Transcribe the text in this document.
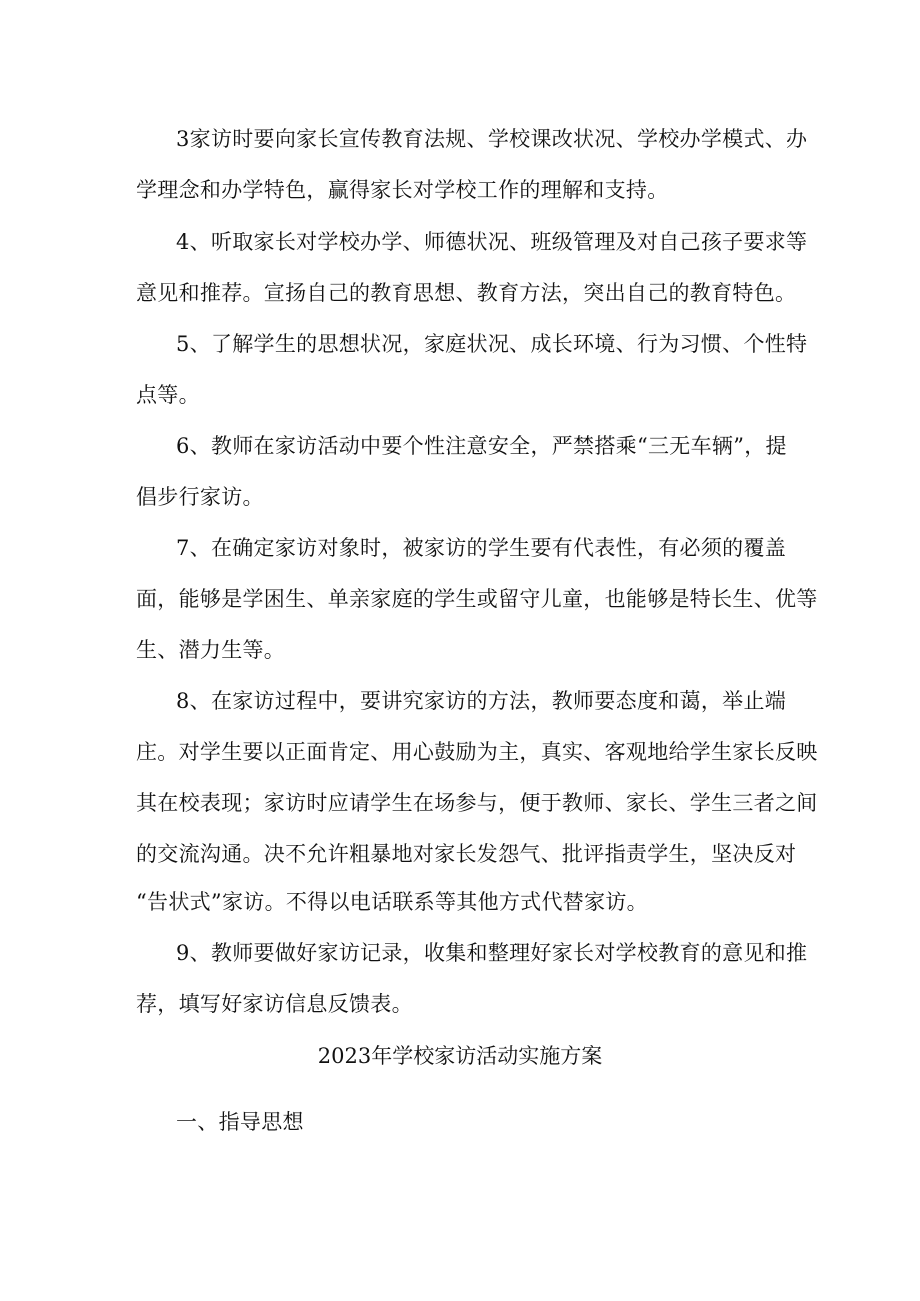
3家访时要向家长宣传教育法规、学校课改状况、学校办学模式、办
学理念和办学特色，赢得家长对学校工作的理解和支持。
4、听取家长对学校办学、师德状况、班级管理及对自己孩子要求等
意见和推荐。宣扬自己的教育思想、教育方法，突出自己的教育特色。
5、了解学生的思想状况，家庭状况、成长环境、行为习惯、个性特
点等。
6、教师在家访活动中要个性注意安全，严禁搭乘“三无车辆”，提
倡步行家访。
7、在确定家访对象时，被家访的学生要有代表性，有必须的覆盖
面，能够是学困生、单亲家庭的学生或留守儿童，也能够是特长生、优等
生、潜力生等。
8、在家访过程中，要讲究家访的方法，教师要态度和蔼，举止端
庄。对学生要以正面肯定、用心鼓励为主，真实、客观地给学生家长反映
其在校表现；家访时应请学生在场参与，便于教师、家长、学生三者之间
的交流沟通。决不允许粗暴地对家长发怨气、批评指责学生，坚决反对
“告状式”家访。不得以电话联系等其他方式代替家访。
9、教师要做好家访记录，收集和整理好家长对学校教育的意见和推
荐，填写好家访信息反馈表。
2023年学校家访活动实施方案
一、指导思想
